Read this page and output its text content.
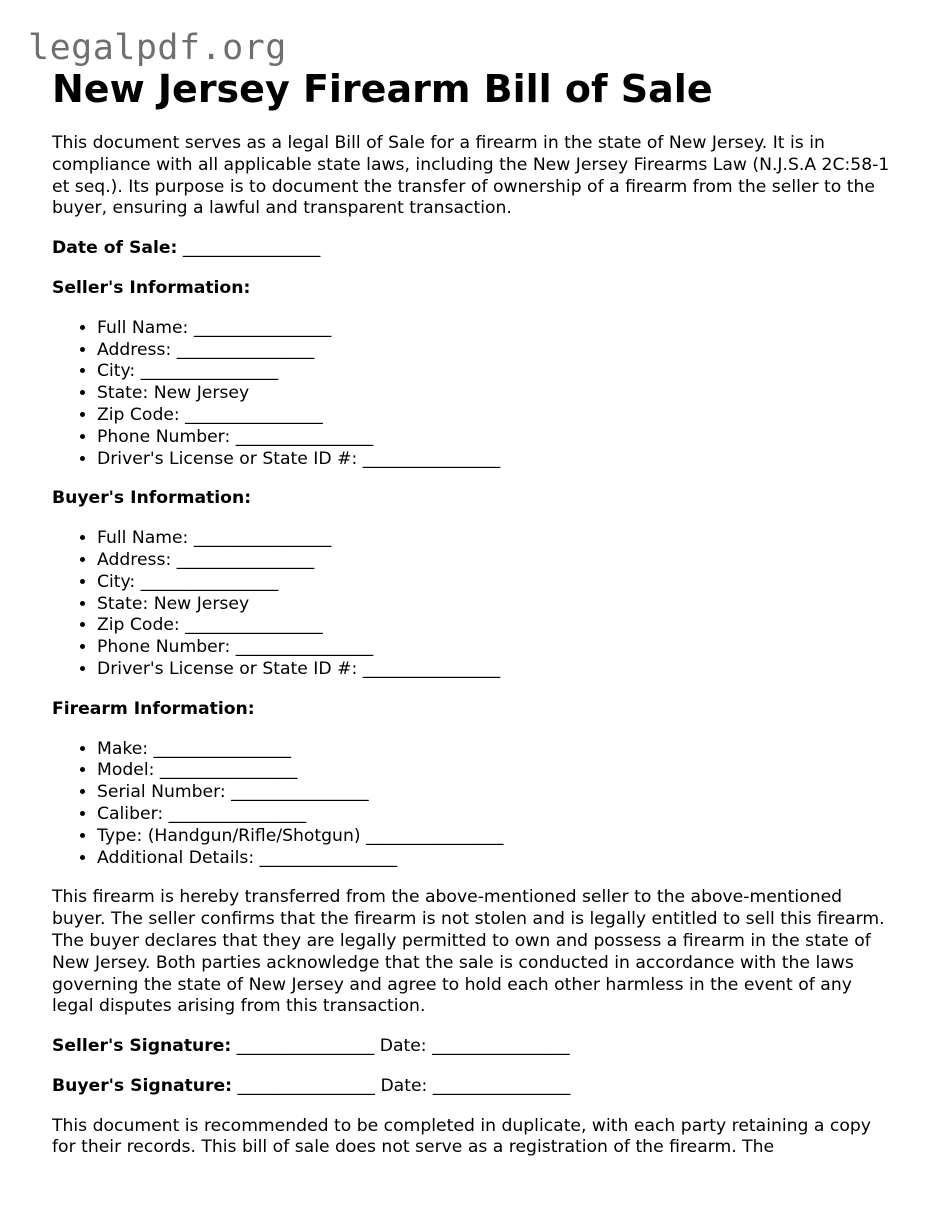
legalpdf.org
New Jersey Firearm Bill of Sale

This document serves as a legal Bill of Sale for a firearm in the state of New Jersey. It is in compliance with all applicable state laws, including the New Jersey Firearms Law (N.J.S.A 2C:58-1 et seq.). Its purpose is to document the transfer of ownership of a firearm from the seller to the buyer, ensuring a lawful and transparent transaction.

Date of Sale: ________________

Seller's Information:

• Full Name: ________________
• Address: ________________
• City: ________________
• State: New Jersey
• Zip Code: ________________
• Phone Number: ________________
• Driver's License or State ID #: ________________

Buyer's Information:

• Full Name: ________________
• Address: ________________
• City: ________________
• State: New Jersey
• Zip Code: ________________
• Phone Number: ________________
• Driver's License or State ID #: ________________

Firearm Information:

• Make: ________________
• Model: ________________
• Serial Number: ________________
• Caliber: ________________
• Type: (Handgun/Rifle/Shotgun) ________________
• Additional Details: ________________

This firearm is hereby transferred from the above-mentioned seller to the above-mentioned buyer. The seller confirms that the firearm is not stolen and is legally entitled to sell this firearm. The buyer declares that they are legally permitted to own and possess a firearm in the state of New Jersey. Both parties acknowledge that the sale is conducted in accordance with the laws governing the state of New Jersey and agree to hold each other harmless in the event of any legal disputes arising from this transaction.

Seller's Signature: ________________ Date: ________________

Buyer's Signature: ________________ Date: ________________

This document is recommended to be completed in duplicate, with each party retaining a copy for their records. This bill of sale does not serve as a registration of the firearm. The
